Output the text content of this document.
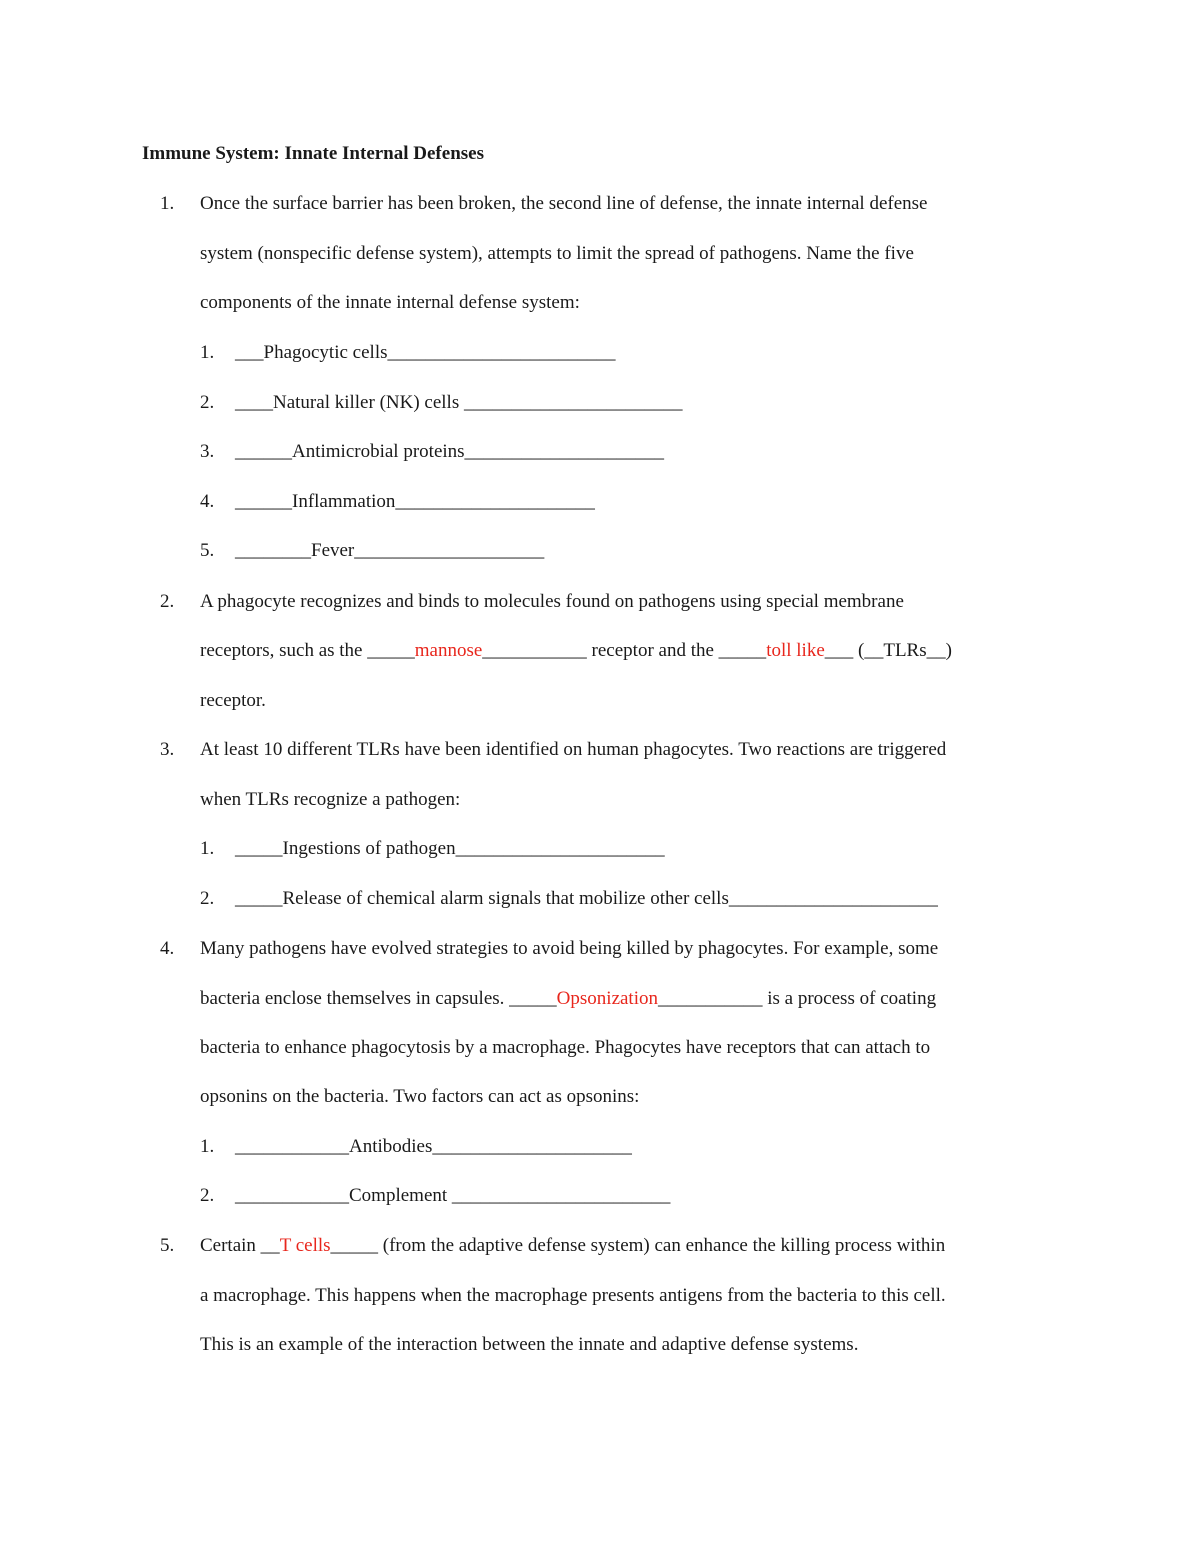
Immune System: Innate Internal Defenses
1. Once the surface barrier has been broken, the second line of defense, the innate internal defense
system (nonspecific defense system), attempts to limit the spread of pathogens. Name the five
components of the innate internal defense system:
1. ___Phagocytic cells________________________
2. ____Natural killer (NK) cells _______________________
3. ______Antimicrobial proteins_____________________
4. ______Inflammation_____________________
5. ________Fever____________________
2. A phagocyte recognizes and binds to molecules found on pathogens using special membrane
receptors, such as the _____mannose___________ receptor and the _____toll like___ (__TLRs__)
receptor.
3. At least 10 different TLRs have been identified on human phagocytes. Two reactions are triggered
when TLRs recognize a pathogen:
1. _____Ingestions of pathogen______________________
2. _____Release of chemical alarm signals that mobilize other cells______________________
4. Many pathogens have evolved strategies to avoid being killed by phagocytes. For example, some
bacteria enclose themselves in capsules. _____Opsonization___________ is a process of coating
bacteria to enhance phagocytosis by a macrophage. Phagocytes have receptors that can attach to
opsonins on the bacteria. Two factors can act as opsonins:
1. ____________Antibodies_____________________
2. ____________Complement _______________________
5. Certain __T cells_____ (from the adaptive defense system) can enhance the killing process within
a macrophage. This happens when the macrophage presents antigens from the bacteria to this cell.
This is an example of the interaction between the innate and adaptive defense systems.
